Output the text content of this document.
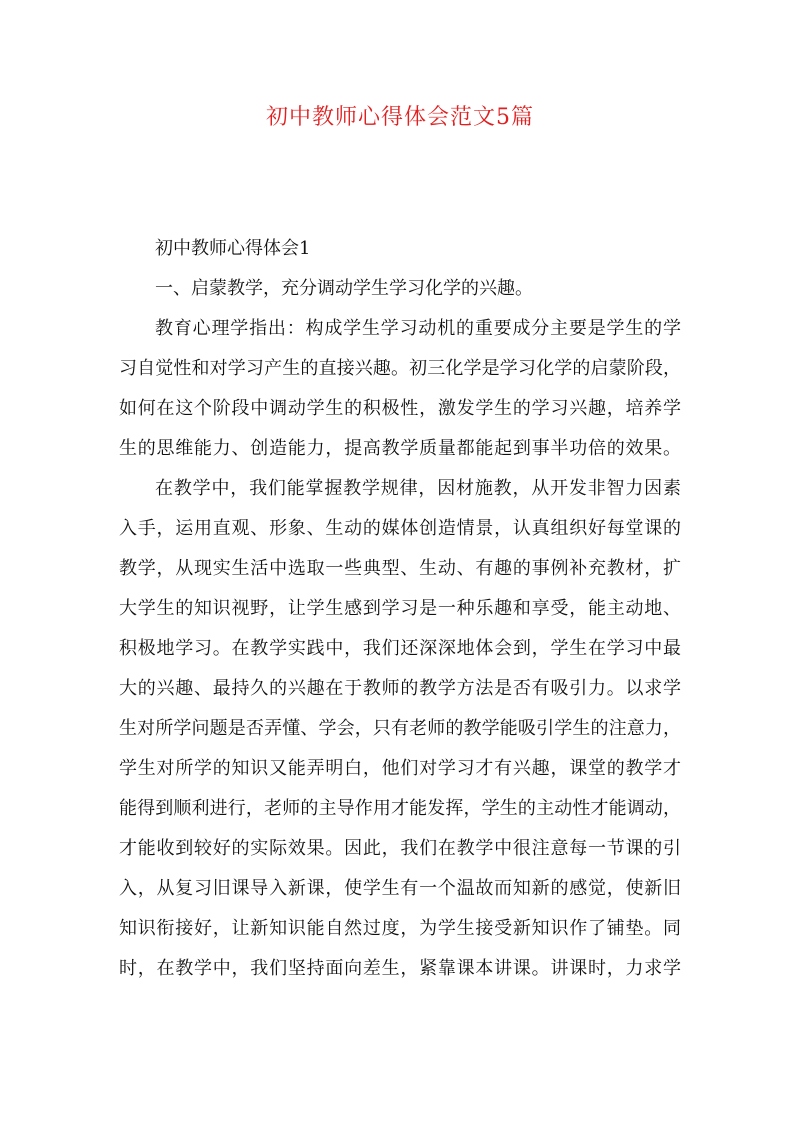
初中教师心得体会范文5篇
初中教师心得体会1
一、启蒙教学，充分调动学生学习化学的兴趣。
教育心理学指出：构成学生学习动机的重要成分主要是学生的学
习自觉性和对学习产生的直接兴趣。初三化学是学习化学的启蒙阶段，
如何在这个阶段中调动学生的积极性，激发学生的学习兴趣，培养学
生的思维能力、创造能力，提高教学质量都能起到事半功倍的效果。
在教学中，我们能掌握教学规律，因材施教，从开发非智力因素
入手，运用直观、形象、生动的媒体创造情景，认真组织好每堂课的
教学，从现实生活中选取一些典型、生动、有趣的事例补充教材，扩
大学生的知识视野，让学生感到学习是一种乐趣和享受，能主动地、
积极地学习。在教学实践中，我们还深深地体会到，学生在学习中最
大的兴趣、最持久的兴趣在于教师的教学方法是否有吸引力。以求学
生对所学问题是否弄懂、学会，只有老师的教学能吸引学生的注意力，
学生对所学的知识又能弄明白，他们对学习才有兴趣，课堂的教学才
能得到顺利进行，老师的主导作用才能发挥，学生的主动性才能调动，
才能收到较好的实际效果。因此，我们在教学中很注意每一节课的引
入，从复习旧课导入新课，使学生有一个温故而知新的感觉，使新旧
知识衔接好，让新知识能自然过度，为学生接受新知识作了铺垫。同
时，在教学中，我们坚持面向差生，紧靠课本讲课。讲课时，力求学
